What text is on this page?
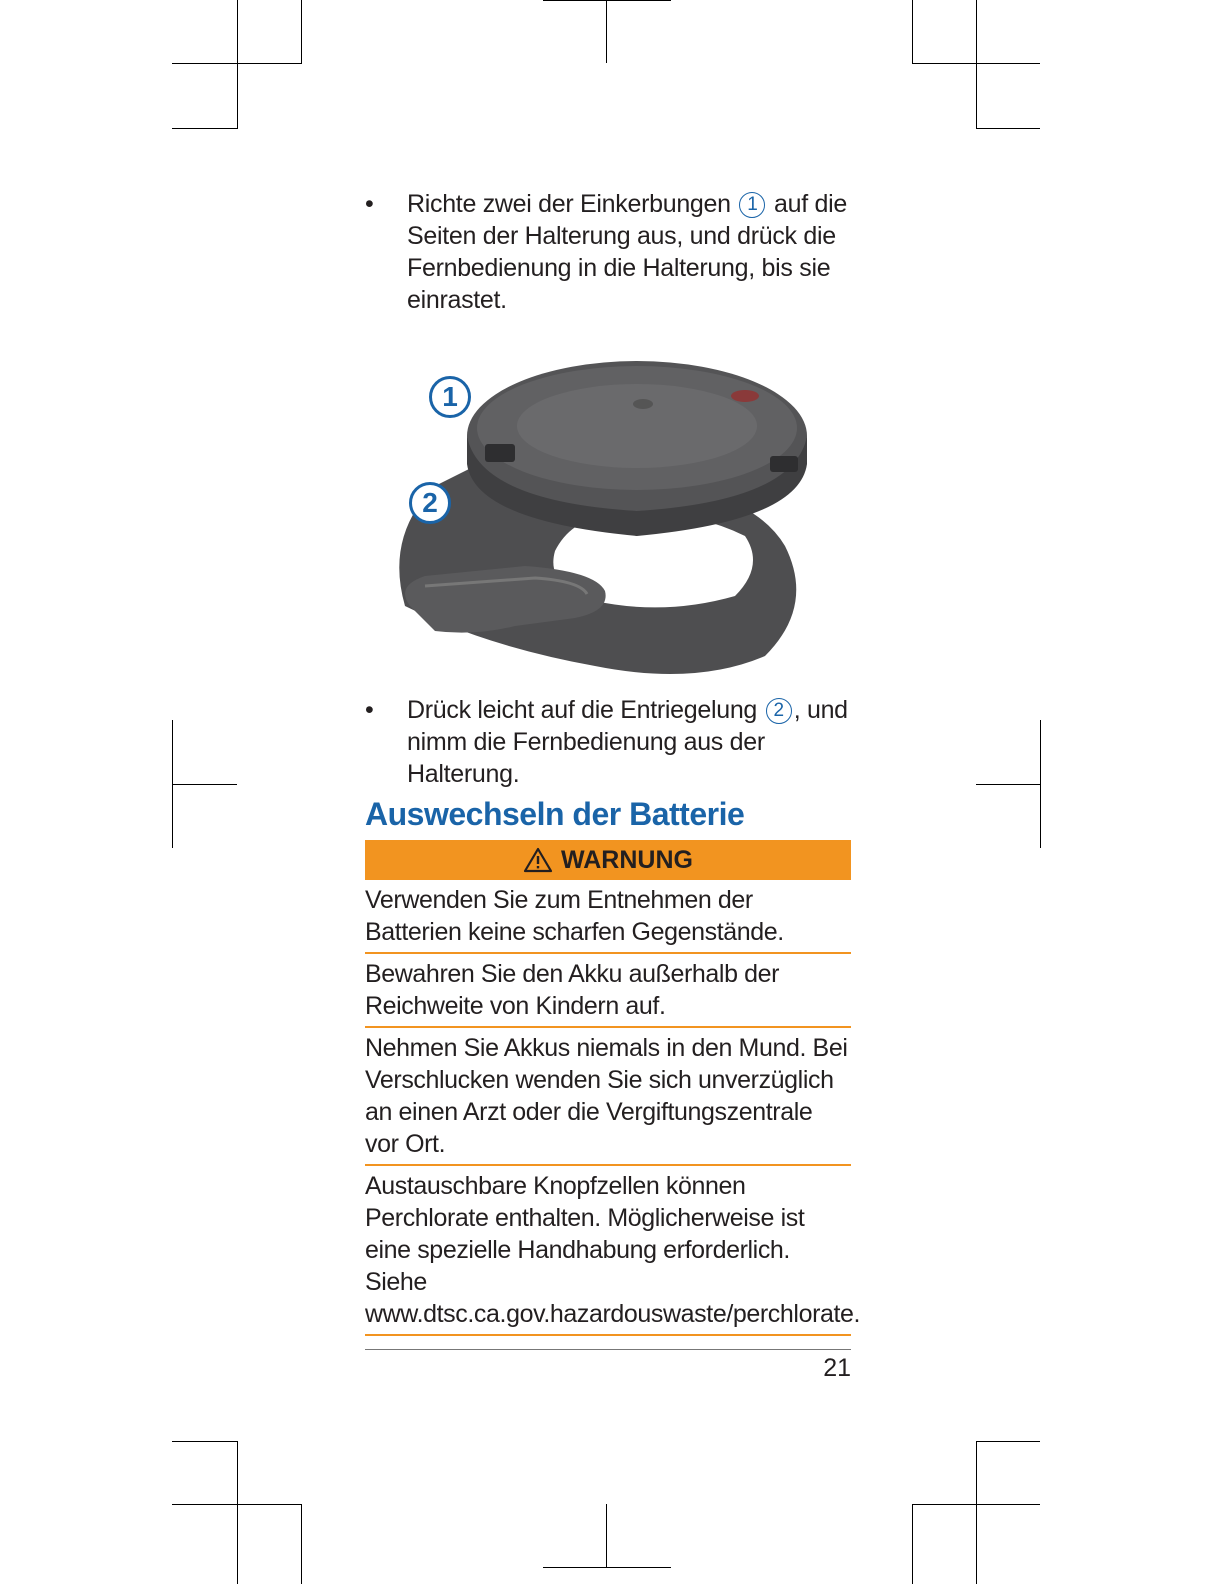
• Richte zwei der Einkerbungen 1 auf die Seiten der Halterung aus, und drück die Fernbedienung in die Halterung, bis sie einrastet.
1
2
• Drück leicht auf die Entriegelung 2 , und nimm die Fernbedienung aus der Halterung.
Auswechseln der Batterie
WARNUNG
Verwenden Sie zum Entnehmen der Batterien keine scharfen Gegenstände.
Bewahren Sie den Akku außerhalb der Reichweite von Kindern auf.
Nehmen Sie Akkus niemals in den Mund. Bei Verschlucken wenden Sie sich unverzüglich an einen Arzt oder die Vergiftungszentrale vor Ort.
Austauschbare Knopfzellen können Perchlorate enthalten. Möglicherweise ist eine spezielle Handhabung erforderlich. Siehe www.dtsc.ca.gov.hazardouswaste/perchlorate.
21
